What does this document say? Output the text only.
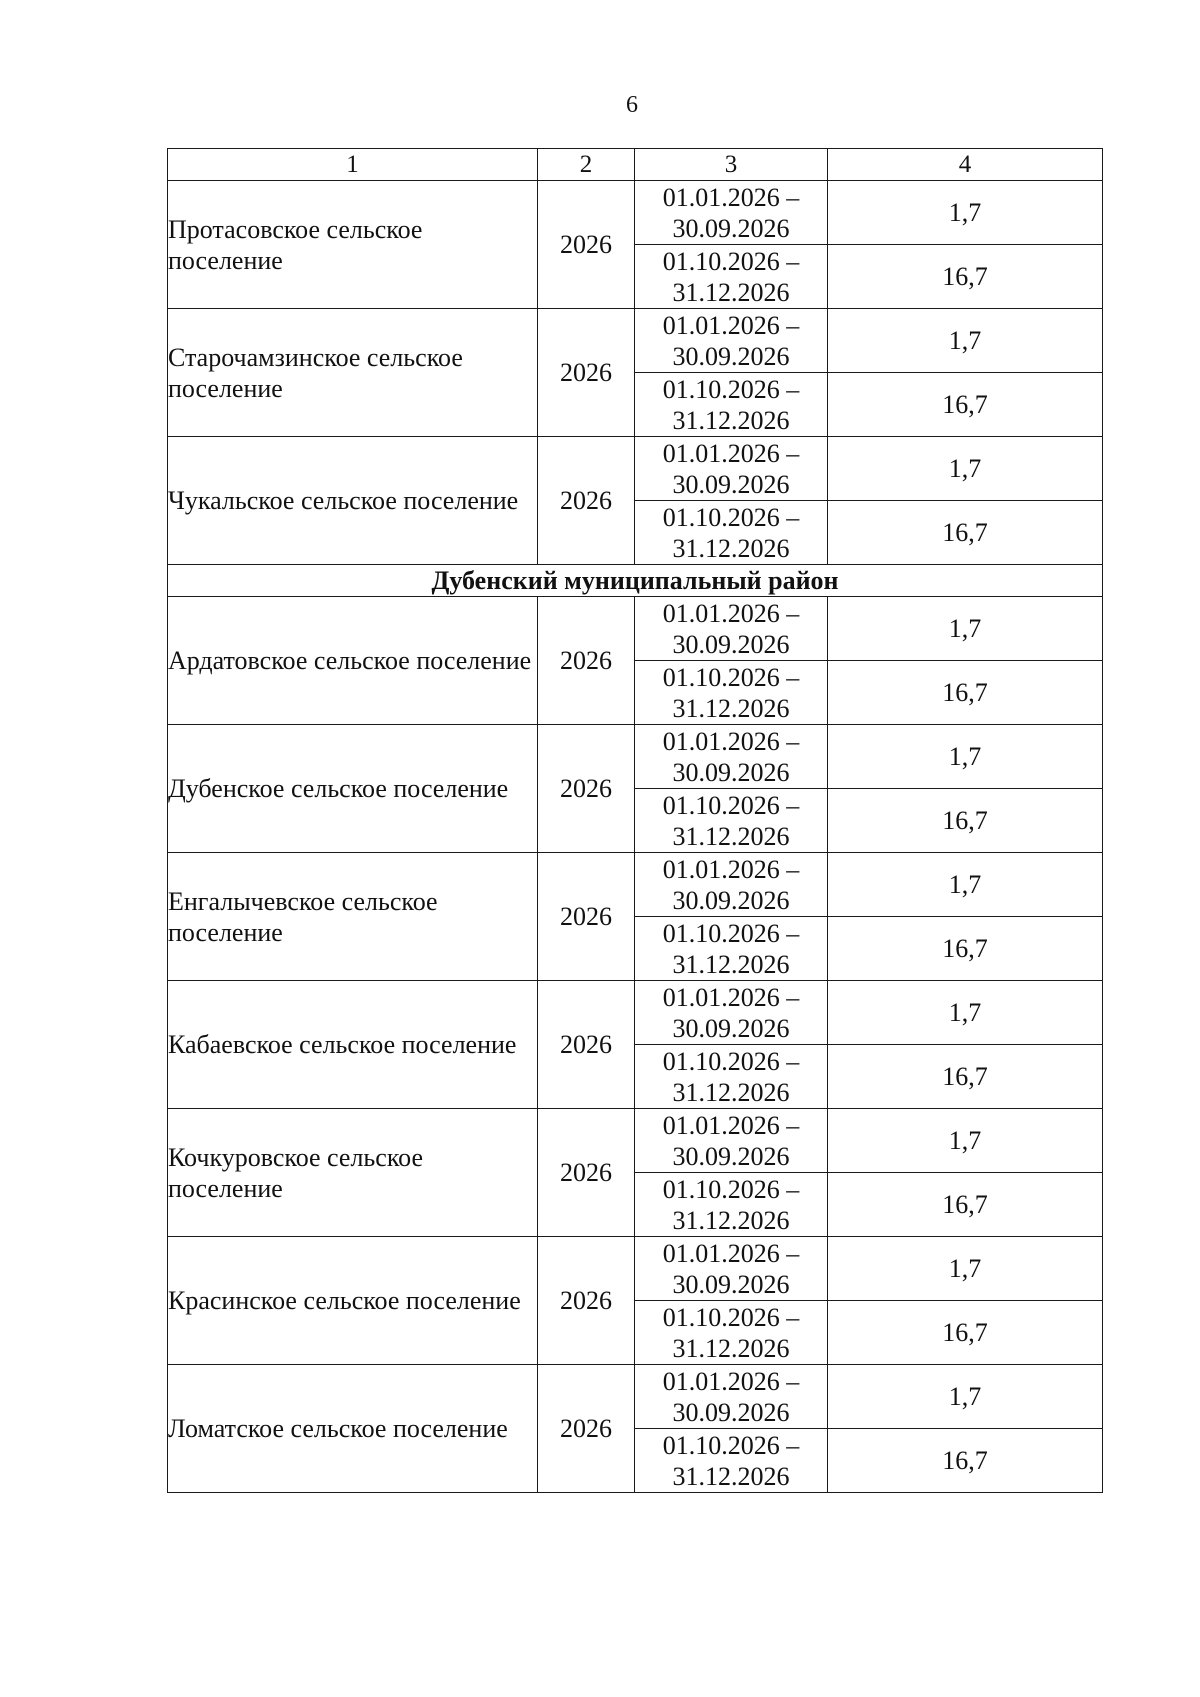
6
1	2	3	4
Протасовское сельское поселение	2026	01.01.2026 – 30.09.2026	1,7
		01.10.2026 – 31.12.2026	16,7
Старочамзинское сельское поселение	2026	01.01.2026 – 30.09.2026	1,7
		01.10.2026 – 31.12.2026	16,7
Чукальское сельское поселение	2026	01.01.2026 – 30.09.2026	1,7
		01.10.2026 – 31.12.2026	16,7
Дубенский муниципальный район			
Ардатовское сельское поселение	2026	01.01.2026 – 30.09.2026	1,7
		01.10.2026 – 31.12.2026	16,7
Дубенское сельское поселение	2026	01.01.2026 – 30.09.2026	1,7
		01.10.2026 – 31.12.2026	16,7
Енгалычевское сельское поселение	2026	01.01.2026 – 30.09.2026	1,7
		01.10.2026 – 31.12.2026	16,7
Кабаевское сельское поселение	2026	01.01.2026 – 30.09.2026	1,7
		01.10.2026 – 31.12.2026	16,7
Кочкуровское сельское поселение	2026	01.01.2026 – 30.09.2026	1,7
		01.10.2026 – 31.12.2026	16,7
Красинское сельское поселение	2026	01.01.2026 – 30.09.2026	1,7
		01.10.2026 – 31.12.2026	16,7
Ломатское сельское поселение	2026	01.01.2026 – 30.09.2026	1,7
		01.10.2026 – 31.12.2026	16,7
